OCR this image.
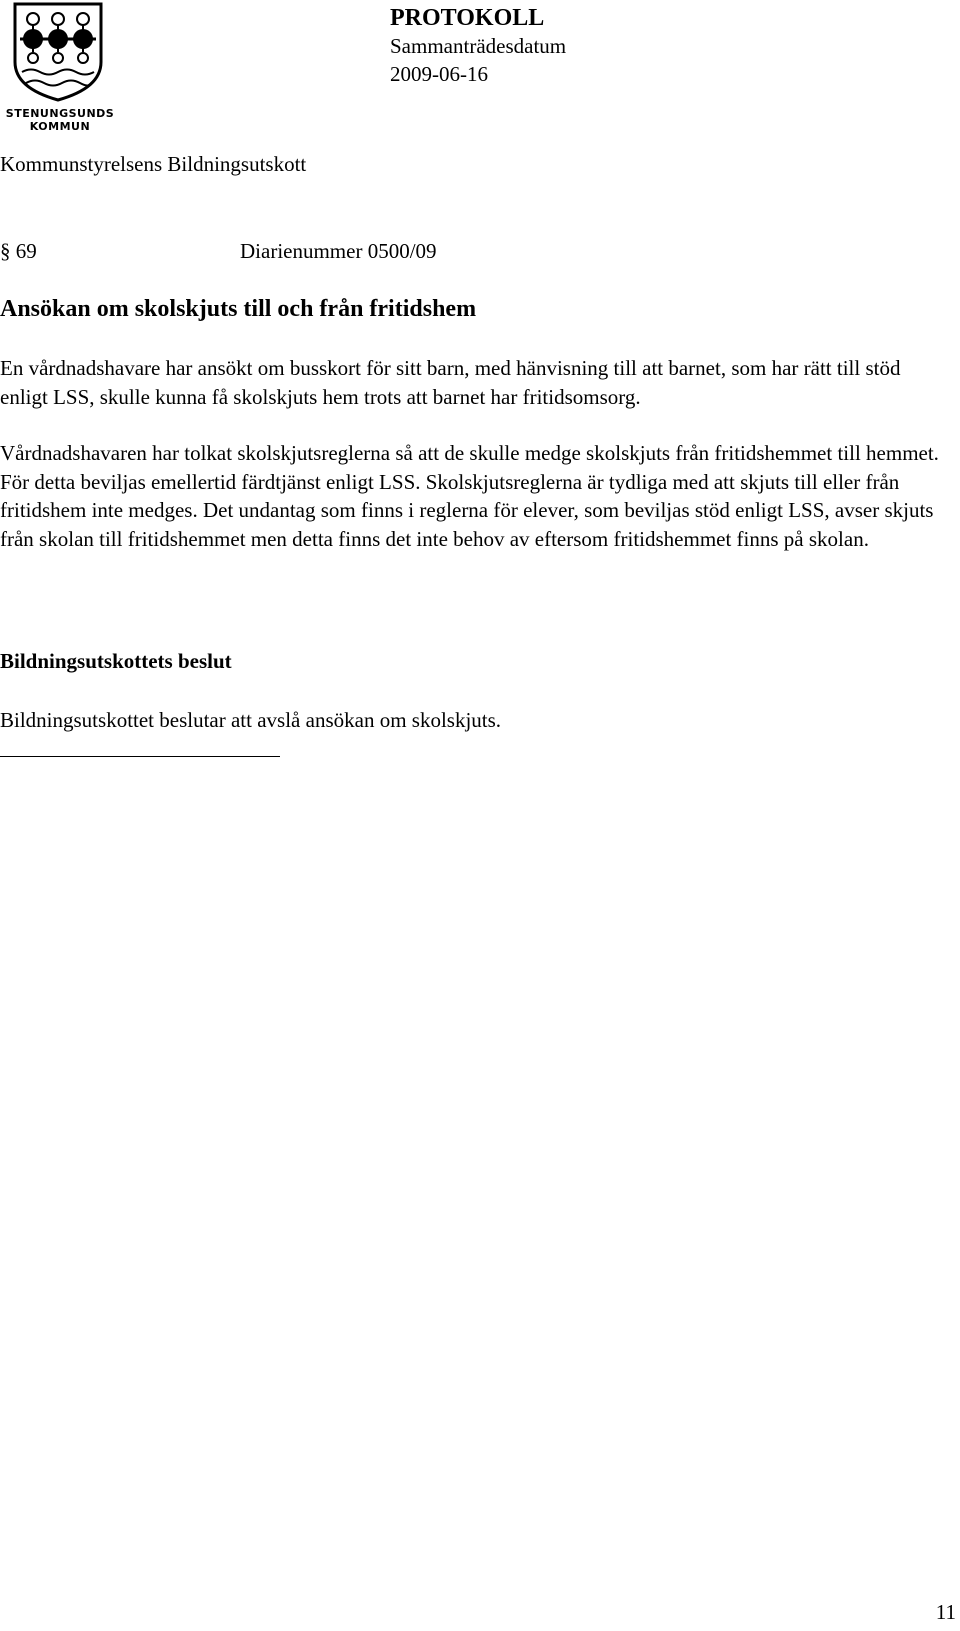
STENUNGSUNDS
KOMMUN
PROTOKOLL
Sammanträdesdatum
2009-06-16
Kommunstyrelsens Bildningsutskott
§ 69	Diarienummer 0500/09
Ansökan om skolskjuts till och från fritidshem
En vårdnadshavare har ansökt om busskort för sitt barn, med hänvisning till att barnet, som har rätt till stöd enligt LSS, skulle kunna få skolskjuts hem trots att barnet har fritidsomsorg.
Vårdnadshavaren har tolkat skolskjutsreglerna så att de skulle medge skolskjuts från fritidshemmet till hemmet. För detta beviljas emellertid färdtjänst enligt LSS. Skolskjutsreglerna är tydliga med att skjuts till eller från fritidshem inte medges. Det undantag som finns i reglerna för elever, som beviljas stöd enligt LSS, avser skjuts från skolan till fritidshemmet men detta finns det inte behov av eftersom fritidshemmet finns på skolan.
Bildningsutskottets beslut
Bildningsutskottet beslutar att avslå ansökan om skolskjuts.
11
